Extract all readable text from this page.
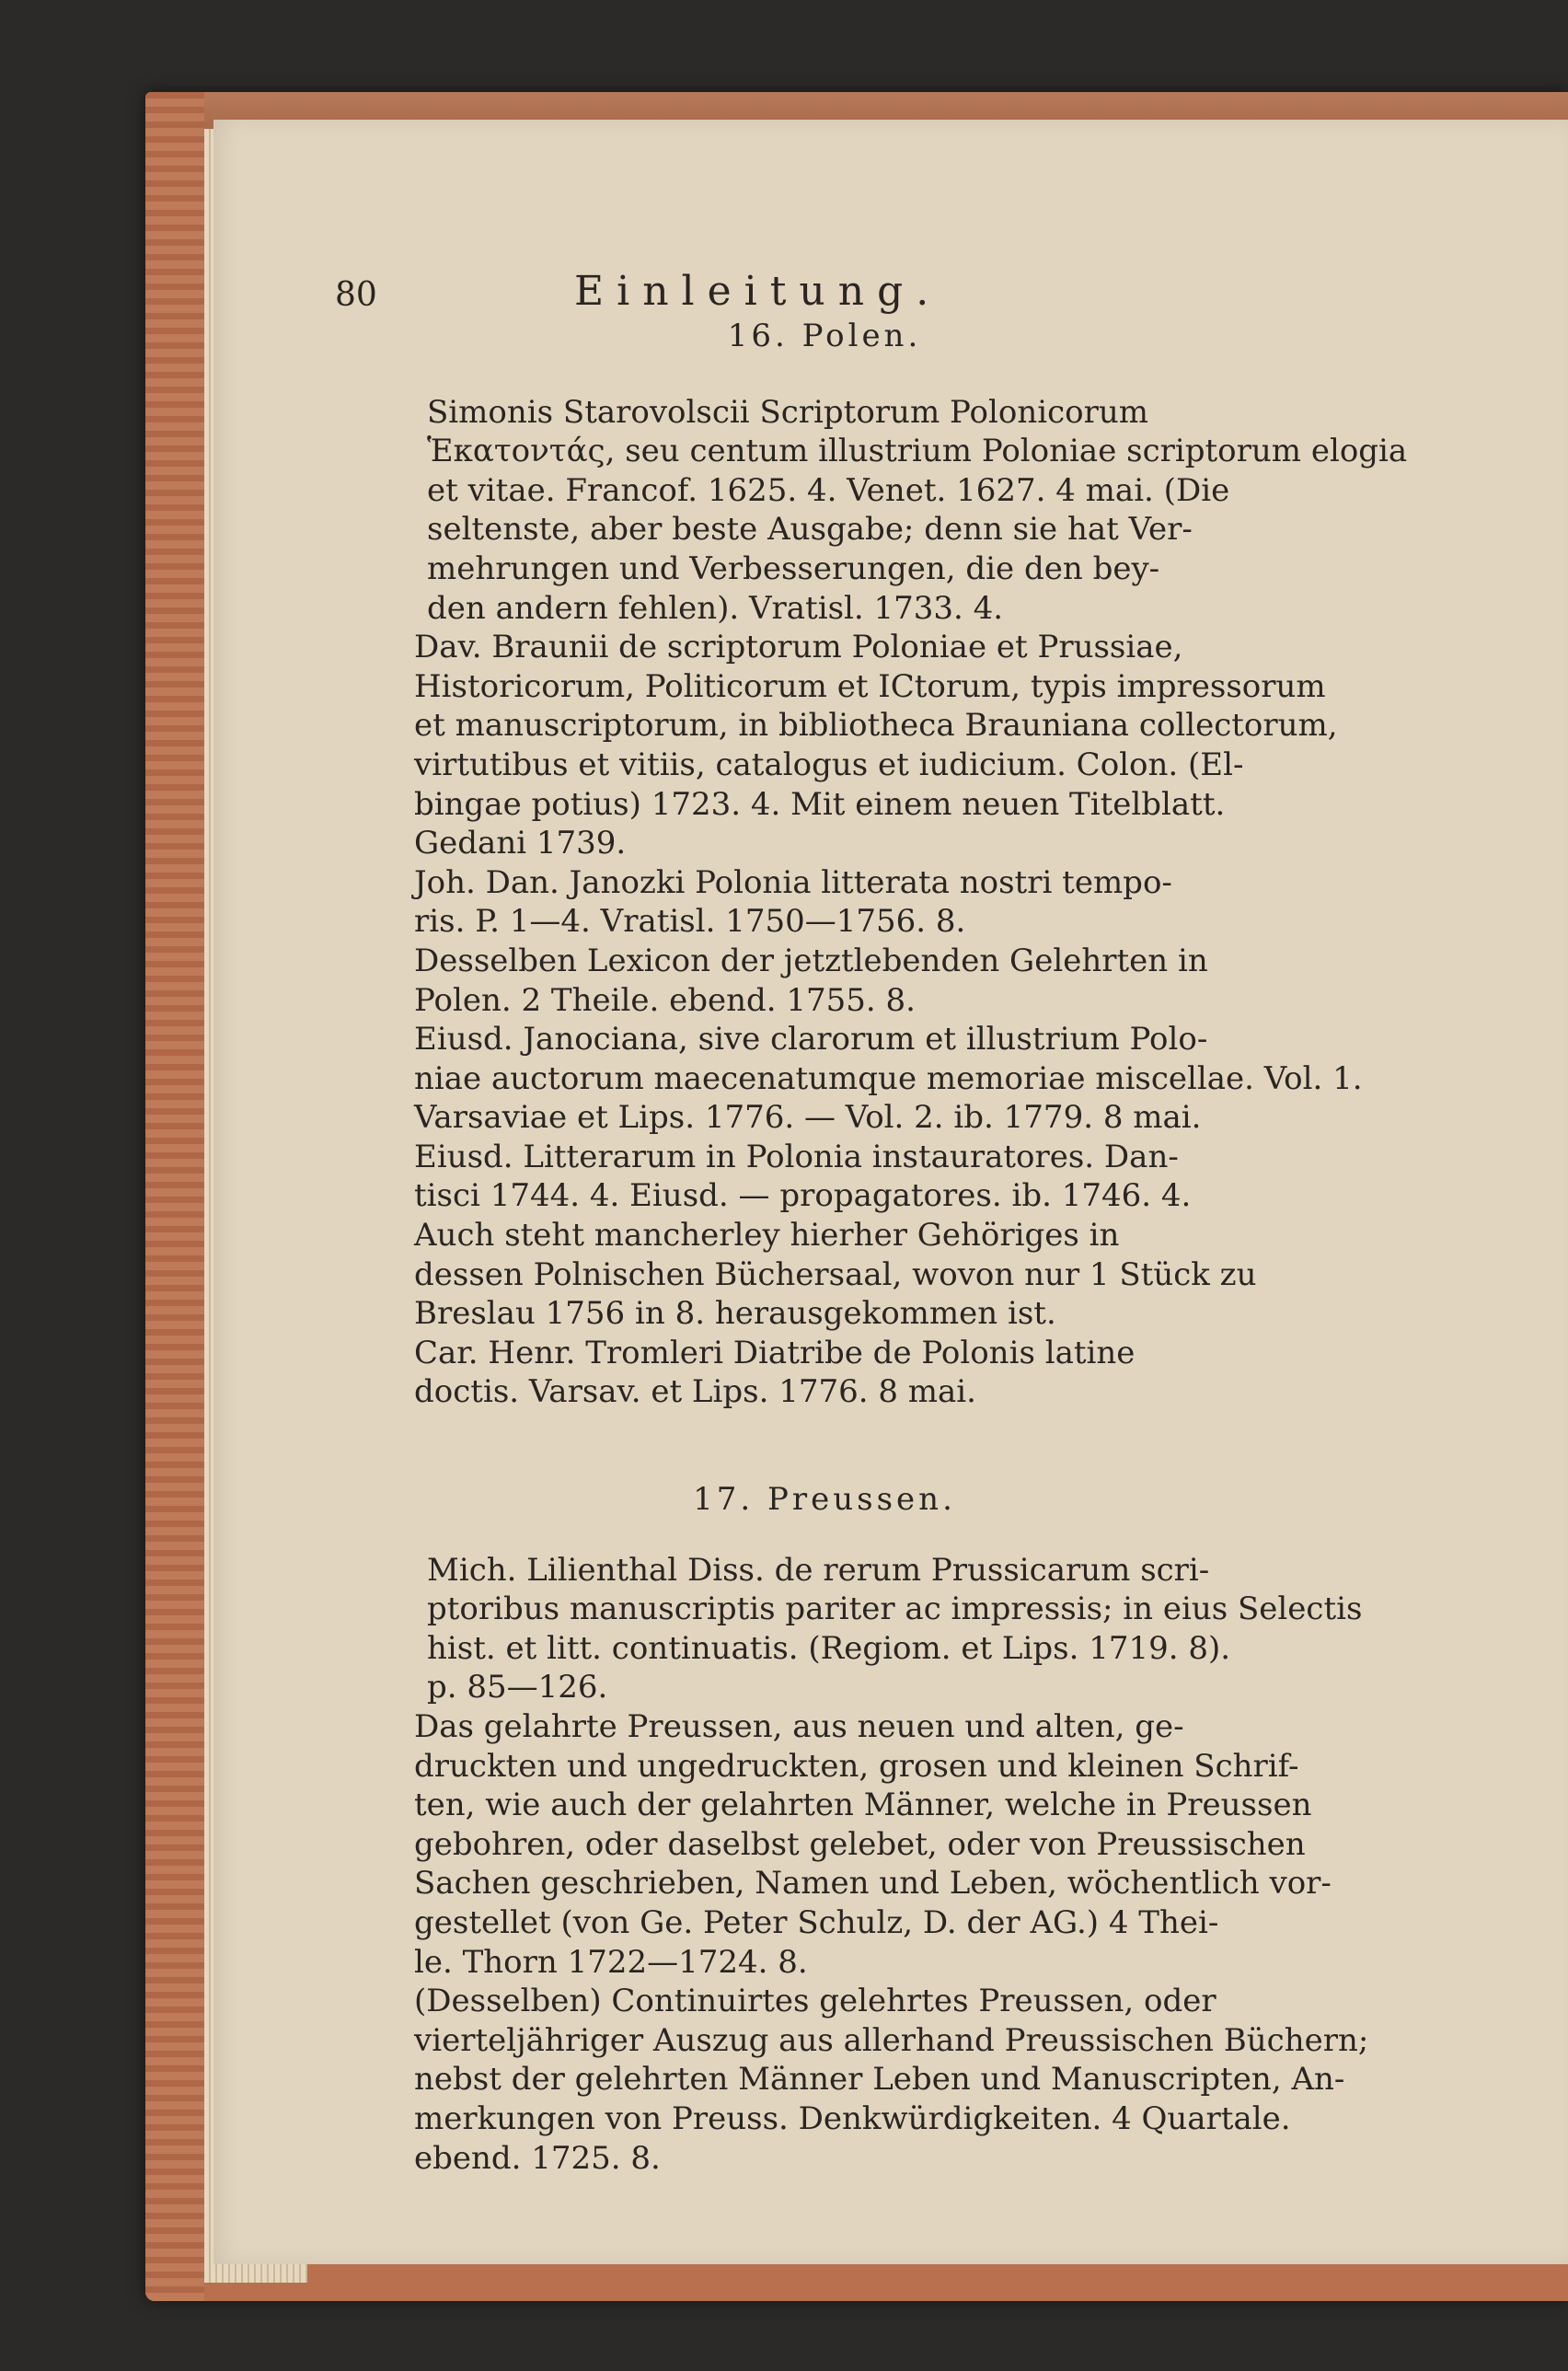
80	Einleitung.
16. Polen.
Simonis Starovolscii Scriptorum Polonicorum
Ἑκατοντάς, seu centum illustrium Poloniae scriptorum elogia
et vitae. Francof. 1625. 4. Venet. 1627. 4 mai. (Die
seltenste, aber beste Ausgabe; denn sie hat Ver-
mehrungen und Verbesserungen, die den bey-
den andern fehlen). Vratisl. 1733. 4.
Dav. Braunii de scriptorum Poloniae et Prussiae,
Historicorum, Politicorum et ICtorum, typis impressorum
et manuscriptorum, in bibliotheca Brauniana collectorum,
virtutibus et vitiis, catalogus et iudicium. Colon. (El-
bingae potius) 1723. 4. Mit einem neuen Titelblatt.
Gedani 1739.
Joh. Dan. Janozki Polonia litterata nostri tempo-
ris. P. 1—4. Vratisl. 1750—1756. 8.
Desselben Lexicon der jetztlebenden Gelehrten in
Polen. 2 Theile. ebend. 1755. 8.
Eiusd. Janociana, sive clarorum et illustrium Polo-
niae auctorum maecenatumque memoriae miscellae. Vol. 1.
Varsaviae et Lips. 1776. — Vol. 2. ib. 1779. 8 mai.
Eiusd. Litterarum in Polonia instauratores. Dan-
tisci 1744. 4. Eiusd. — propagatores. ib. 1746. 4.
Auch steht mancherley hierher Gehöriges in
dessen Polnischen Büchersaal, wovon nur 1 Stück zu
Breslau 1756 in 8. herausgekommen ist.
Car. Henr. Tromleri Diatribe de Polonis latine
doctis. Varsav. et Lips. 1776. 8 mai.
17. Preussen.
Mich. Lilienthal Diss. de rerum Prussicarum scri-
ptoribus manuscriptis pariter ac impressis; in eius Selectis
hist. et litt. continuatis. (Regiom. et Lips. 1719. 8).
p. 85—126.
Das gelahrte Preussen, aus neuen und alten, ge-
druckten und ungedruckten, grosen und kleinen Schrif-
ten, wie auch der gelahrten Männer, welche in Preussen
gebohren, oder daselbst gelebet, oder von Preussischen
Sachen geschrieben, Namen und Leben, wöchentlich vor-
gestellet (von Ge. Peter Schulz, D. der AG.) 4 Thei-
le. Thorn 1722—1724. 8.
(Desselben) Continuirtes gelehrtes Preussen, oder
vierteljähriger Auszug aus allerhand Preussischen Büchern;
nebst der gelehrten Männer Leben und Manuscripten, An-
merkungen von Preuss. Denkwürdigkeiten. 4 Quartale.
ebend. 1725. 8.
